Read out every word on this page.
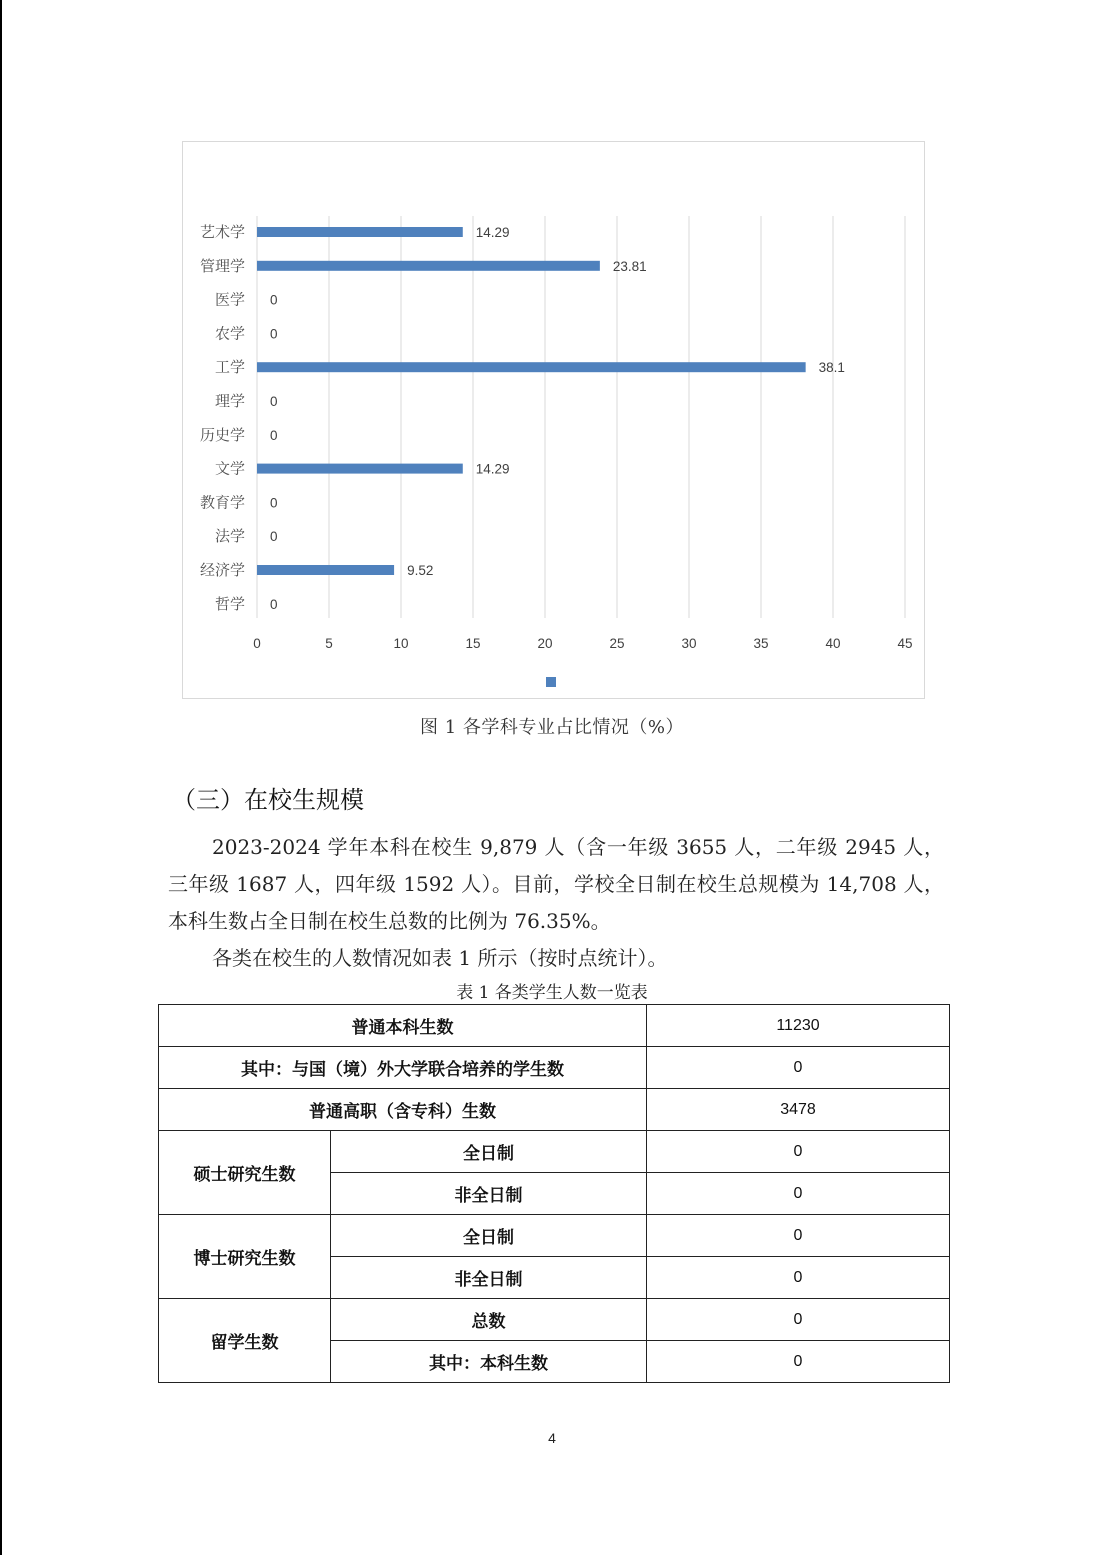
0	5	10	15	20	25	30	35	40	45
艺术学	14.29
管理学	23.81
医学 0
农学 0
工学	38.1
理学 0
历史学 0
文学	14.29
教育学 0
法学 0
经济学	9.52
哲学 0
图 1 各学科专业占比情况（%）
（三）在校生规模
2023-2024 学年本科在校生 9,879 人（含一年级 3655 人，二年级 2945 人，三年级 1687 人，四年级 1592 人）。目前，学校全日制在校生总规模为 14,708 人，本科生数占全日制在校生总数的比例为 76.35%。
各类在校生的人数情况如表 1 所示（按时点统计）。
表 1 各类学生人数一览表
普通本科生数		11230
其中：与国（境）外大学联合培养的学生数		0
普通高职（含专科）生数		3478
硕士研究生数	全日制	0
	非全日制	0
博士研究生数	全日制	0
	非全日制	0
留学生数	总数	0
	其中：本科生数	0
4
